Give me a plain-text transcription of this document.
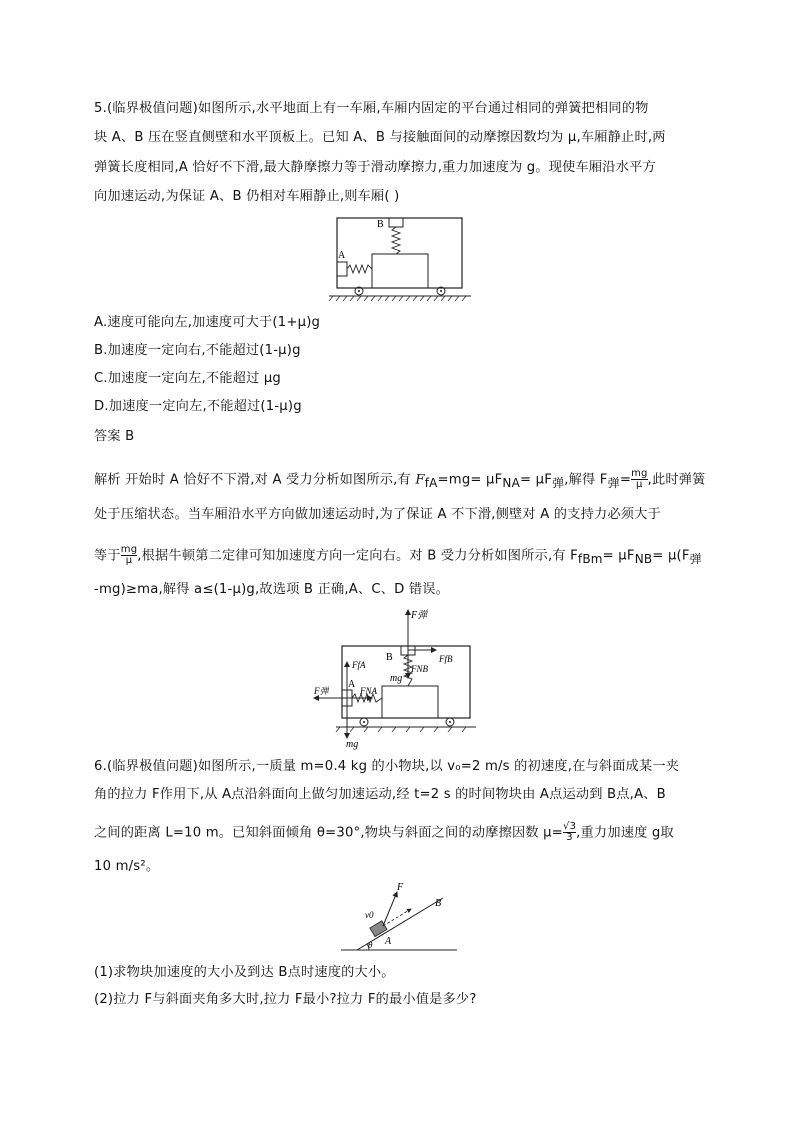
5.(临界极值问题)如图所示,水平地面上有一车厢,车厢内固定的平台通过相同的弹簧把相同的物
块 A、B 压在竖直侧壁和水平顶板上。已知 A、B 与接触面间的动摩擦因数均为 μ,车厢静止时,两
弹簧长度相同,A 恰好不下滑,最大静摩擦力等于滑动摩擦力,重力加速度为 g。现使车厢沿水平方
向加速运动,为保证 A、B 仍相对车厢静止,则车厢( )
B
A
A.速度可能向左,加速度可大于(1+μ)g
B.加速度一定向右,不能超过(1-μ)g
C.加速度一定向左,不能超过 μg
D.加速度一定向左,不能超过(1-μ)g
答案 B
解析 开始时 A 恰好不下滑,对 A 受力分析如图所示,有 $F_{fA}=mg= \mu F_{NA}= \mu F_弹$,解得 $F_弹= \frac{mg}{\mu}$ ,此时弹簧
处于压缩状态。当车厢沿水平方向做加速运动时,为了保证 A 不下滑,侧壁对 A 的支持力必须大于
等于 $\frac{mg}{\mu}$ ,根据牛顿第二定律可知加速度方向一定向右。对 B 受力分析如图所示,有 $F_{fBm}= \mu F_{NB}= \mu(F_弹$
-mg)≥ma,解得 a≤(1-μ)g,故选项 B 正确,A、C、D 错误。
B
A
F弹
FfB
FNB
mg
FfA
F弹	FNA
mg
6.(临界极值问题)如图所示,一质量 m=0.4 kg 的小物块,以 v₀=2 m/s 的初速度,在与斜面成某一夹
角的拉力 F作用下,从 A点沿斜面向上做匀加速运动,经 t=2 s 的时间物块由 A点运动到 B点,A、B
之间的距离 L=10 m。已知斜面倾角 θ=30°,物块与斜面之间的动摩擦因数 $\mu= \frac{√3}{3}$ ,重力加速度 g取
10 m/s²。
θ A
B
F
v0
(1)求物块加速度的大小及到达 B点时速度的大小。
(2)拉力 F与斜面夹角多大时,拉力 F最小?拉力 F的最小值是多少?
